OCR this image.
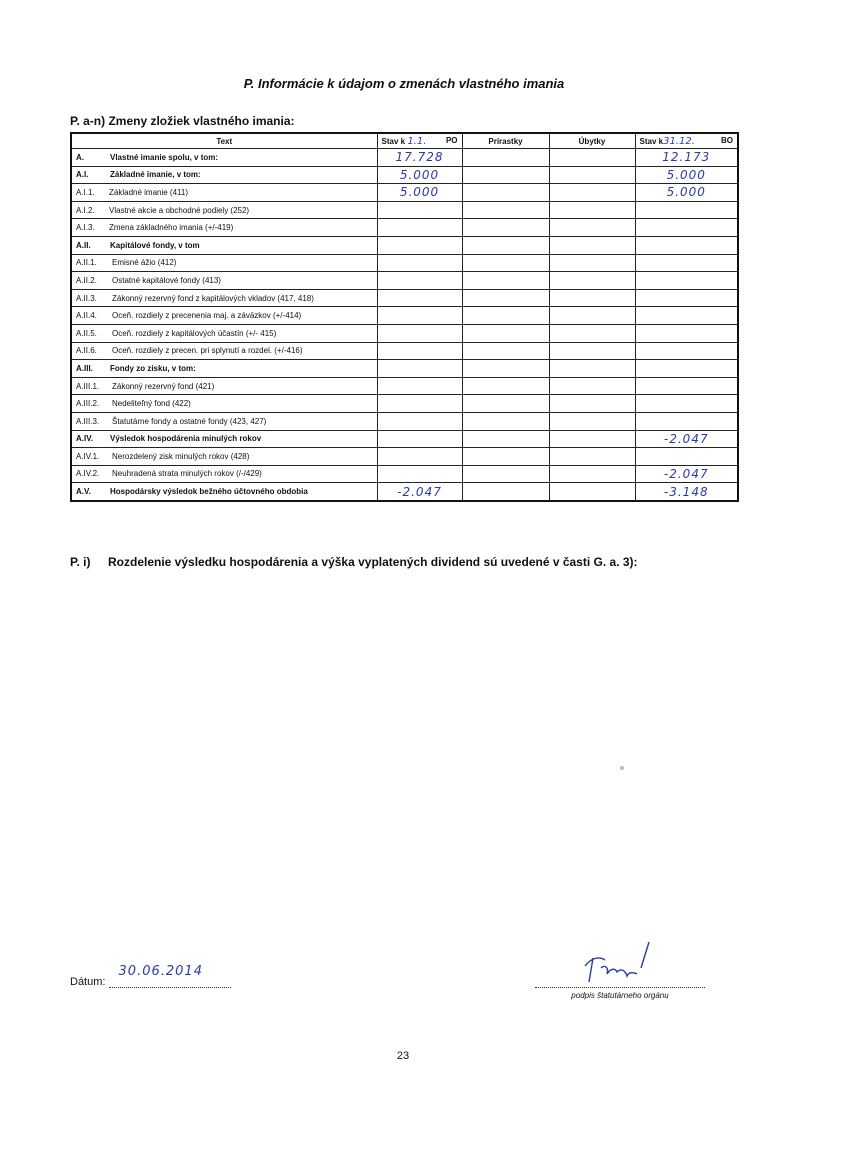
P. Informácie k údajom o zmenách vlastného imania
P. a-n) Zmeny zložiek vlastného imania:
Text	Stav k 1.1. PO	Prírastky	Úbytky	Stav k31.12. BO

A. Vlastné imanie spolu, v tom:	17.728			12.173
A.I. Základné imanie, v tom:	5.000			5.000
A.I.1. Základné imanie (411)	5.000			5.000
A.I.2. Vlastné akcie a obchodné podiely (252)				
A.I.3. Zmena základného imania (+/-419)				
A.II. Kapitálové fondy, v tom				
A.II.1. Emisné ážio (412)				
A.II.2. Ostatné kapitálové fondy (413)				
A.II.3. Zákonný rezervný fond z kapitálových vkladov (417, 418)				
A.II.4. Oceň. rozdiely z precenenia maj. a záväzkov (+/-414)				
A.II.5. Oceň. rozdiely z kapitálových účastín (+/- 415)				
A.II.6. Oceň. rozdiely z precen. pri splynutí a rozdel. (+/-416)				
A.III. Fondy zo zisku, v tom:				
A.III.1. Zákonný rezervný fond (421)				
A.III.2. Nedeliteľný fond (422)				
A.III.3. Štatutárne fondy a ostatné fondy (423, 427)				
A.IV. Výsledok hospodárenia minulých rokov				-2.047
A.IV.1. Nerozdelený zisk minulých rokov (428)				
A.IV.2. Neuhradená strata minulých rokov (/-/429)				-2.047
A.V. Hospodársky výsledok bežného účtovného obdobia	-2.047			-3.148
P. i) Rozdelenie výsledku hospodárenia a výška vyplatených dividend sú uvedené v časti G. a. 3):
Dátum:
30.06.2014
podpis štatutárneho orgánu
23
